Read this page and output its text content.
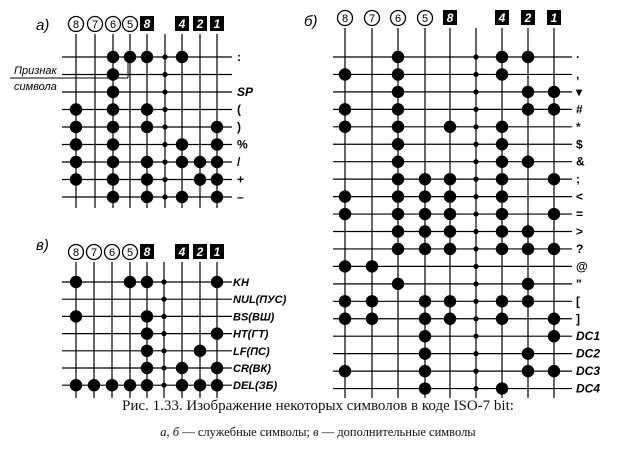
а) 8 7 6 5 8 4 2 1
:
SP
(
)
%
/
+
–
Признак
символа
в) 8 7 6 5 8 4 2 1
KH
NUL(ПУС)
BS(ВШ)
HT(ГТ)
LF(ПС)
CR(ВК)
DEL(ЗБ)
б) 8 7 6 5 8	4 2 1
·
,
▾
#
*
$
&
;
<
=
>
?
@
"
[
]
DC1
DC2
DC3
DC4
Рис. 1.33. Изображение некоторых символов в коде ISO-7 bit:
а, б — служебные символы; в — дополнительные символы
